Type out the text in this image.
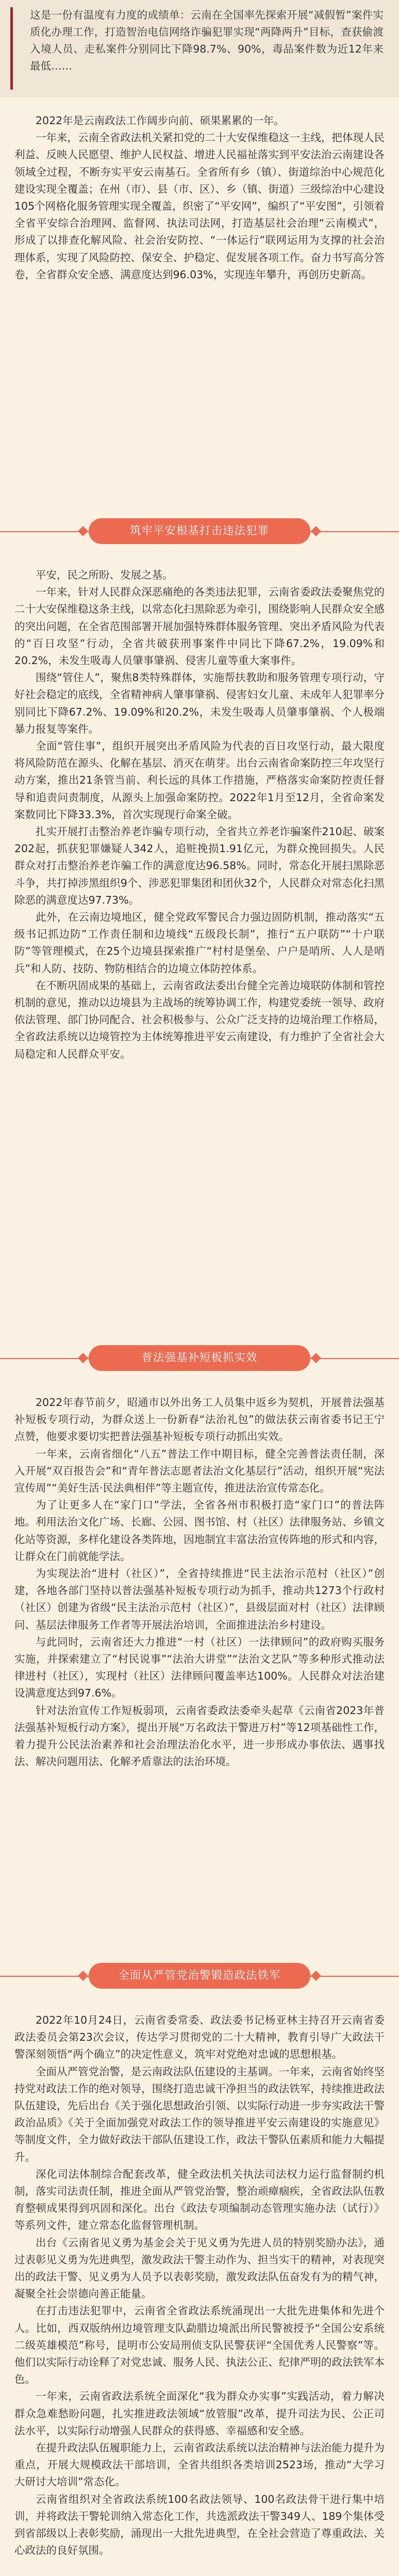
这是一份有温度有力度的成绩单：云南在全国率先探索开展“减假暂”案件实质化办理工作，打造智治电信网络诈骗犯罪实现“两降两升”目标，查获偷渡入境人员、走私案件分别同比下降98.7%、90%，毒品案件数为近12年来最低……

2022年是云南政法工作阔步向前、硕果累累的一年。

一年来，云南全省政法机关紧扣党的二十大安保维稳这一主线，把体现人民利益、反映人民愿望、维护人民权益、增进人民福祉落实到平安法治云南建设各领域全过程，不断夯实平安云南基石。全省所有乡（镇）、街道综治中心规范化建设实现全覆盖；在州（市）、县（市、区）、乡（镇、街道）三级综治中心建设105个网格化服务管理实现全覆盖，织密了“平安网”，编织了“平安图”，引领着全省平安综合治理网、监督网、执法司法网，打造基层社会治理“云南模式”，形成了以排查化解风险、社会治安防控、“一体运行”联网运用为支撑的社会治理体系，实现了风险防控、保安全、护稳定、促发展各项工作。奋力书写高分答卷，全省群众安全感、满意度达到96.03%，实现连年攀升，再创历史新高。

筑牢平安根基打击违法犯罪

平安，民之所盼、发展之基。

一年来，针对人民群众深恶痛绝的各类违法犯罪，云南省委政法委聚焦党的二十大安保维稳这条主线，以常态化扫黑除恶为牵引，围绕影响人民群众安全感的突出问题，在全省范围部署开展加强特殊群体服务管理、突出矛盾风险为代表的“百日攻坚”行动，全省共破获刑事案件中同比下降67.2%，19.09%和20.2%，未发生吸毒人员肇事肇祸、侵害儿童等重大案事件。

围绕“管住人”，聚焦8类特殊群体，实施帮扶教助和服务管理专项行动，守好社会稳定的底线，全省精神病人肇事肇祸、侵害妇女儿童、未成年人犯罪率分别同比下降67.2%、19.09%和20.2%，未发生吸毒人员肇事肇祸、个人极端暴力报复等案件。

全面“管住事”，组织开展突出矛盾风险为代表的百日攻坚行动，最大限度将风险防范在源头、化解在基层、消灭在萌芽。出台云南省命案防控三年攻坚行动方案，推出21条管当前、利长远的具体工作措施，严格落实命案防控责任督导和追责问责制度，从源头上加强命案防控。2022年1月至12月，全省命案发案数同比下降33.3%，首次实现现行命案全破。

扎实开展打击整治养老诈骗专项行动，全省共立养老诈骗案件210起、破案202起，抓获犯罪嫌疑人342人，追赃挽损1.91亿元，为群众挽回损失。人民群众对打击整治养老诈骗工作的满意度达96.58%。同时，常态化开展扫黑除恶斗争，共打掉涉黑组织9个、涉恶犯罪集团和团伙32个，人民群众对常态化扫黑除恶的满意度达97.73%。

此外，在云南边境地区，健全党政军警民合力强边固防机制，推动落实“五级书记抓边防”工作责任制和边境线“五级段长制”，推行“五户联防”“十户联防”等管理模式，在25个边境县探索推广“村村是堡垒、户户是哨所、人人是哨兵”和人防、技防、物防相结合的边境立体防控体系。

在不断巩固成果的基础上，云南省政法委出台健全完善边境联防体制和管控机制的意见，推动以边境县为主战场的统筹协调工作，构建党委统一领导、政府依法管理、部门协同配合、社会积极参与、公众广泛支持的边境治理工作格局，全省政法系统以边境管控为主体统筹推进平安云南建设，有力维护了全省社会大局稳定和人民群众平安。

普法强基补短板抓实效

2022年春节前夕，昭通市以外出务工人员集中返乡为契机，开展普法强基补短板专项行动，为群众送上一份新春“法治礼包”的做法获云南省委书记王宁点赞，他要求要切实把普法强基补短板专项行动抓出实效。

一年来，云南省细化“八五”普法工作中期目标，健全完善普法责任制，深入开展“双百报告会”和“青年普法志愿者法治文化基层行”活动，组织开展“宪法宣传周”“美好生活·民法典相伴”等主题宣传，推进法治宣传常态化。

为了让更多人在“家门口”学法，全省各州市积极打造“家门口”的普法阵地。利用法治文化广场、长廊、公园、图书馆、村（社区）法律服务站、乡镇文化站等资源，多样化建设各类阵地，因地制宜丰富法治宣传阵地的形式和内容，让群众在门前就能学法。

为实现法治“进村（社区）”，全省持续推进“民主法治示范村（社区）”创建，各地各部门坚持以普法强基补短板专项行动为抓手，推动共1273个行政村（社区）创建为省级“民主法治示范村（社区）”，县级层面对村（社区）法律顾问、基层法律服务工作者等开展法治培训，全面推进法治乡村建设。

与此同时，云南省还大力推进“一村（社区）一法律顾问”的政府购买服务实施，并探索建立了“村民说事”“法治大讲堂”“法治文艺队”等多种形式推动法律进村（社区），实现村（社区）法律顾问覆盖率达100%。人民群众对法治建设满意度达到97.6%。

针对法治宣传工作短板弱项，云南省委政法委牵头起草《云南省2023年普法强基补短板行动方案》，提出开展“万名政法干警进万村”等12项基础性工作，着力提升公民法治素养和社会治理法治化水平，进一步形成办事依法、遇事找法、解决问题用法、化解矛盾靠法的法治环境。

全面从严管党治警锻造政法铁军

2022年10月24日，云南省委常委、政法委书记杨亚林主持召开云南省委政法委员会第23次会议，传达学习贯彻党的二十大精神，教育引导广大政法干警深刻领悟“两个确立”的决定性意义，筑牢对党绝对忠诚的思想根基。

全面从严管党治警，是云南政法队伍建设的主基调。一年来，云南省始终坚持党对政法工作的绝对领导，围绕打造忠诚干净担当的政法铁军，持续推进政法队伍建设，先后出台《关于强化思想政治引领、以实际行动进一步夯实政法干警政治品质》《关于全面加强党对政法工作的领导推进平安云南建设的实施意见》等制度文件，全力做好政法干部队伍建设工作，政法干警队伍素质和能力大幅提升。

深化司法体制综合配套改革，健全政法机关执法司法权力运行监督制约机制，落实司法责任制，推进全面从严管党治警，整治顽瘴痼疾，全省政法队伍教育整顿成果得到巩固和深化。出台《政法专项编制动态管理实施办法（试行）》等系列文件，建立常态化监督管理机制。

出台《云南省见义勇为基金会关于见义勇为先进人员的特别奖励办法》，通过表彰见义勇为先进典型，激发政法干警主动作为、担当实干的精神，对表现突出的政法干警、见义勇为人员予以表彰奖励，激发政法队伍奋发有为的精气神，凝聚全社会崇德向善正能量。

在打击违法犯罪中，云南省全省政法系统涌现出一大批先进集体和先进个人。比如，西双版纳州边境管理支队勐腊边境派出所民警被授予“全国公安系统二级英雄模范”称号，昆明市公安局刑侦支队民警获评“全国优秀人民警察”等。他们以实际行动诠释了对党忠诚、服务人民、执法公正、纪律严明的政法铁军本色。

一年来，云南省政法系统全面深化“我为群众办实事”实践活动，着力解决群众急难愁盼问题，扎实推进政法领域“放管服”改革，提升司法为民、公正司法水平，以实际行动增强人民群众的获得感、幸福感和安全感。

在提升政法队伍履职能力上，云南省政法系统以法治精神与法治能力提升为重点，开展大规模政法干部培训，全省共组织各类培训2523场，推动“大学习大研讨大培训”常态化。

云南省组织对全省政法系统100名政法领导、100名政法骨干进行集中培训，并将政法干警轮训纳入常态化工作，共选派政法干警349人、189个集体受到省部级以上表彰奖励，涌现出一大批先进典型，在全社会营造了尊重政法、关心政法的良好氛围。
